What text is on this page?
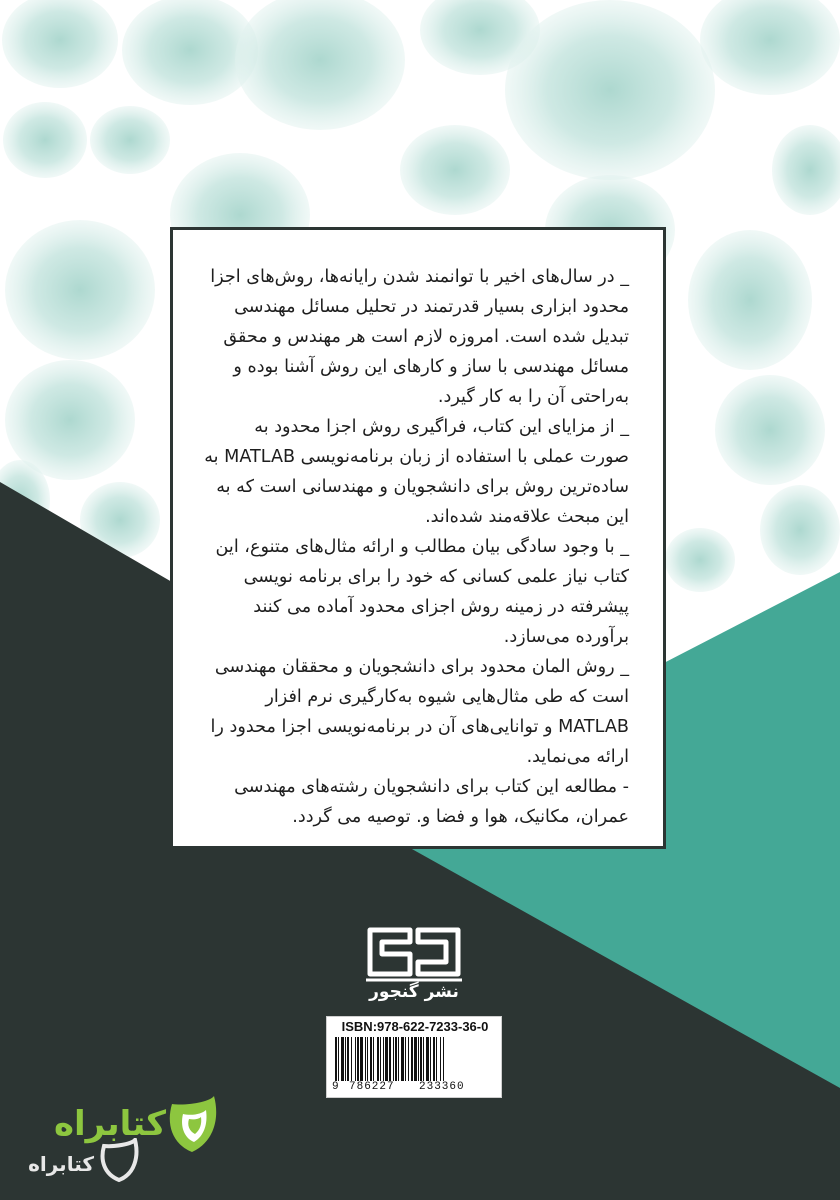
_ در سال‌های اخیر با توانمند شدن رایانه‌ها، روش‌های اجزا محدود ابزاری بسیار قدرتمند در تحلیل مسائل مهندسی تبدیل شده است. امروزه لازم است هر مهندس و محقق مسائل مهندسی با ساز و کارهای این روش آشنا بوده و به‌راحتی آن را به کار گیرد.

_ از مزایای این کتاب، فراگیری روش اجزا محدود به صورت عملی با استفاده از زبان برنامه‌نویسی MATLAB به ساده‌ترین روش برای دانشجویان و مهندسانی است که به این مبحث علاقه‌مند شده‌اند.

_ با وجود سادگی بیان مطالب و ارائه مثال‌های متنوع، این کتاب نیاز علمی کسانی که خود را برای برنامه نویسی پیشرفته در زمینه روش اجزای محدود آماده می کنند برآورده می‌سازد.

_ روش المان محدود برای دانشجویان و محققان مهندسی است که طی مثال‌هایی شیوه به‌کارگیری نرم افزار MATLAB و توانایی‌های آن در برنامه‌نویسی اجزا محدود را ارائه می‌نماید.

- مطالعه این کتاب برای دانشجویان رشته‌های مهندسی عمران، مکانیک، هوا و فضا و. توصیه می گردد.

نشر گنجور
ISBN:978-622-7233-36-0
9 786227 233360
کتابراه
کتابراه
